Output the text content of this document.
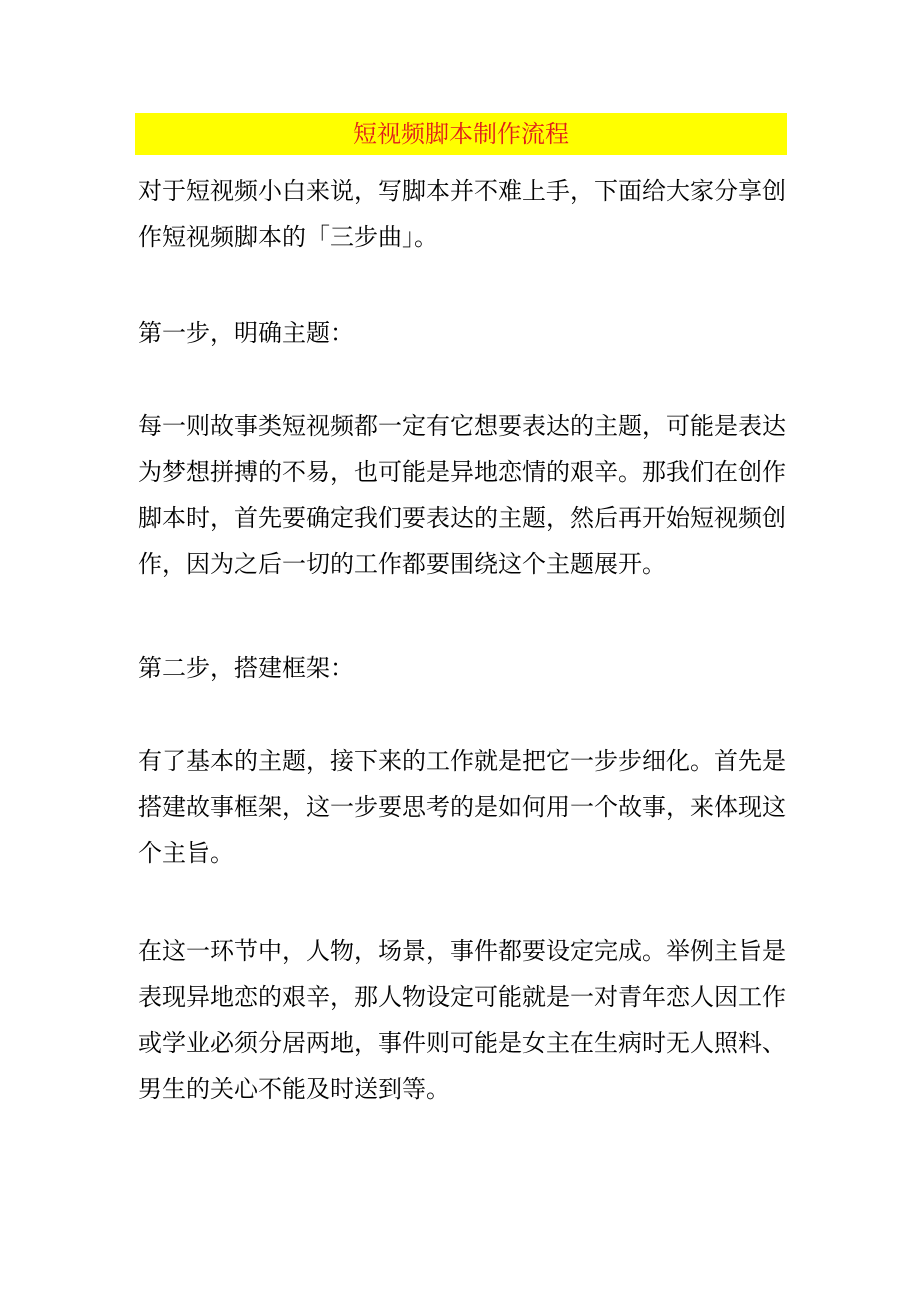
短视频脚本制作流程

对于短视频小白来说，写脚本并不难上手，下面给大家分享创作短视频脚本的「三步曲」。

第一步，明确主题：

每一则故事类短视频都一定有它想要表达的主题，可能是表达为梦想拼搏的不易，也可能是异地恋情的艰辛。那我们在创作脚本时，首先要确定我们要表达的主题，然后再开始短视频创作，因为之后一切的工作都要围绕这个主题展开。

第二步，搭建框架：

有了基本的主题，接下来的工作就是把它一步步细化。首先是搭建故事框架，这一步要思考的是如何用一个故事，来体现这个主旨。

在这一环节中，人物，场景，事件都要设定完成。举例主旨是表现异地恋的艰辛，那人物设定可能就是一对青年恋人因工作或学业必须分居两地，事件则可能是女主在生病时无人照料、男生的关心不能及时送到等。
